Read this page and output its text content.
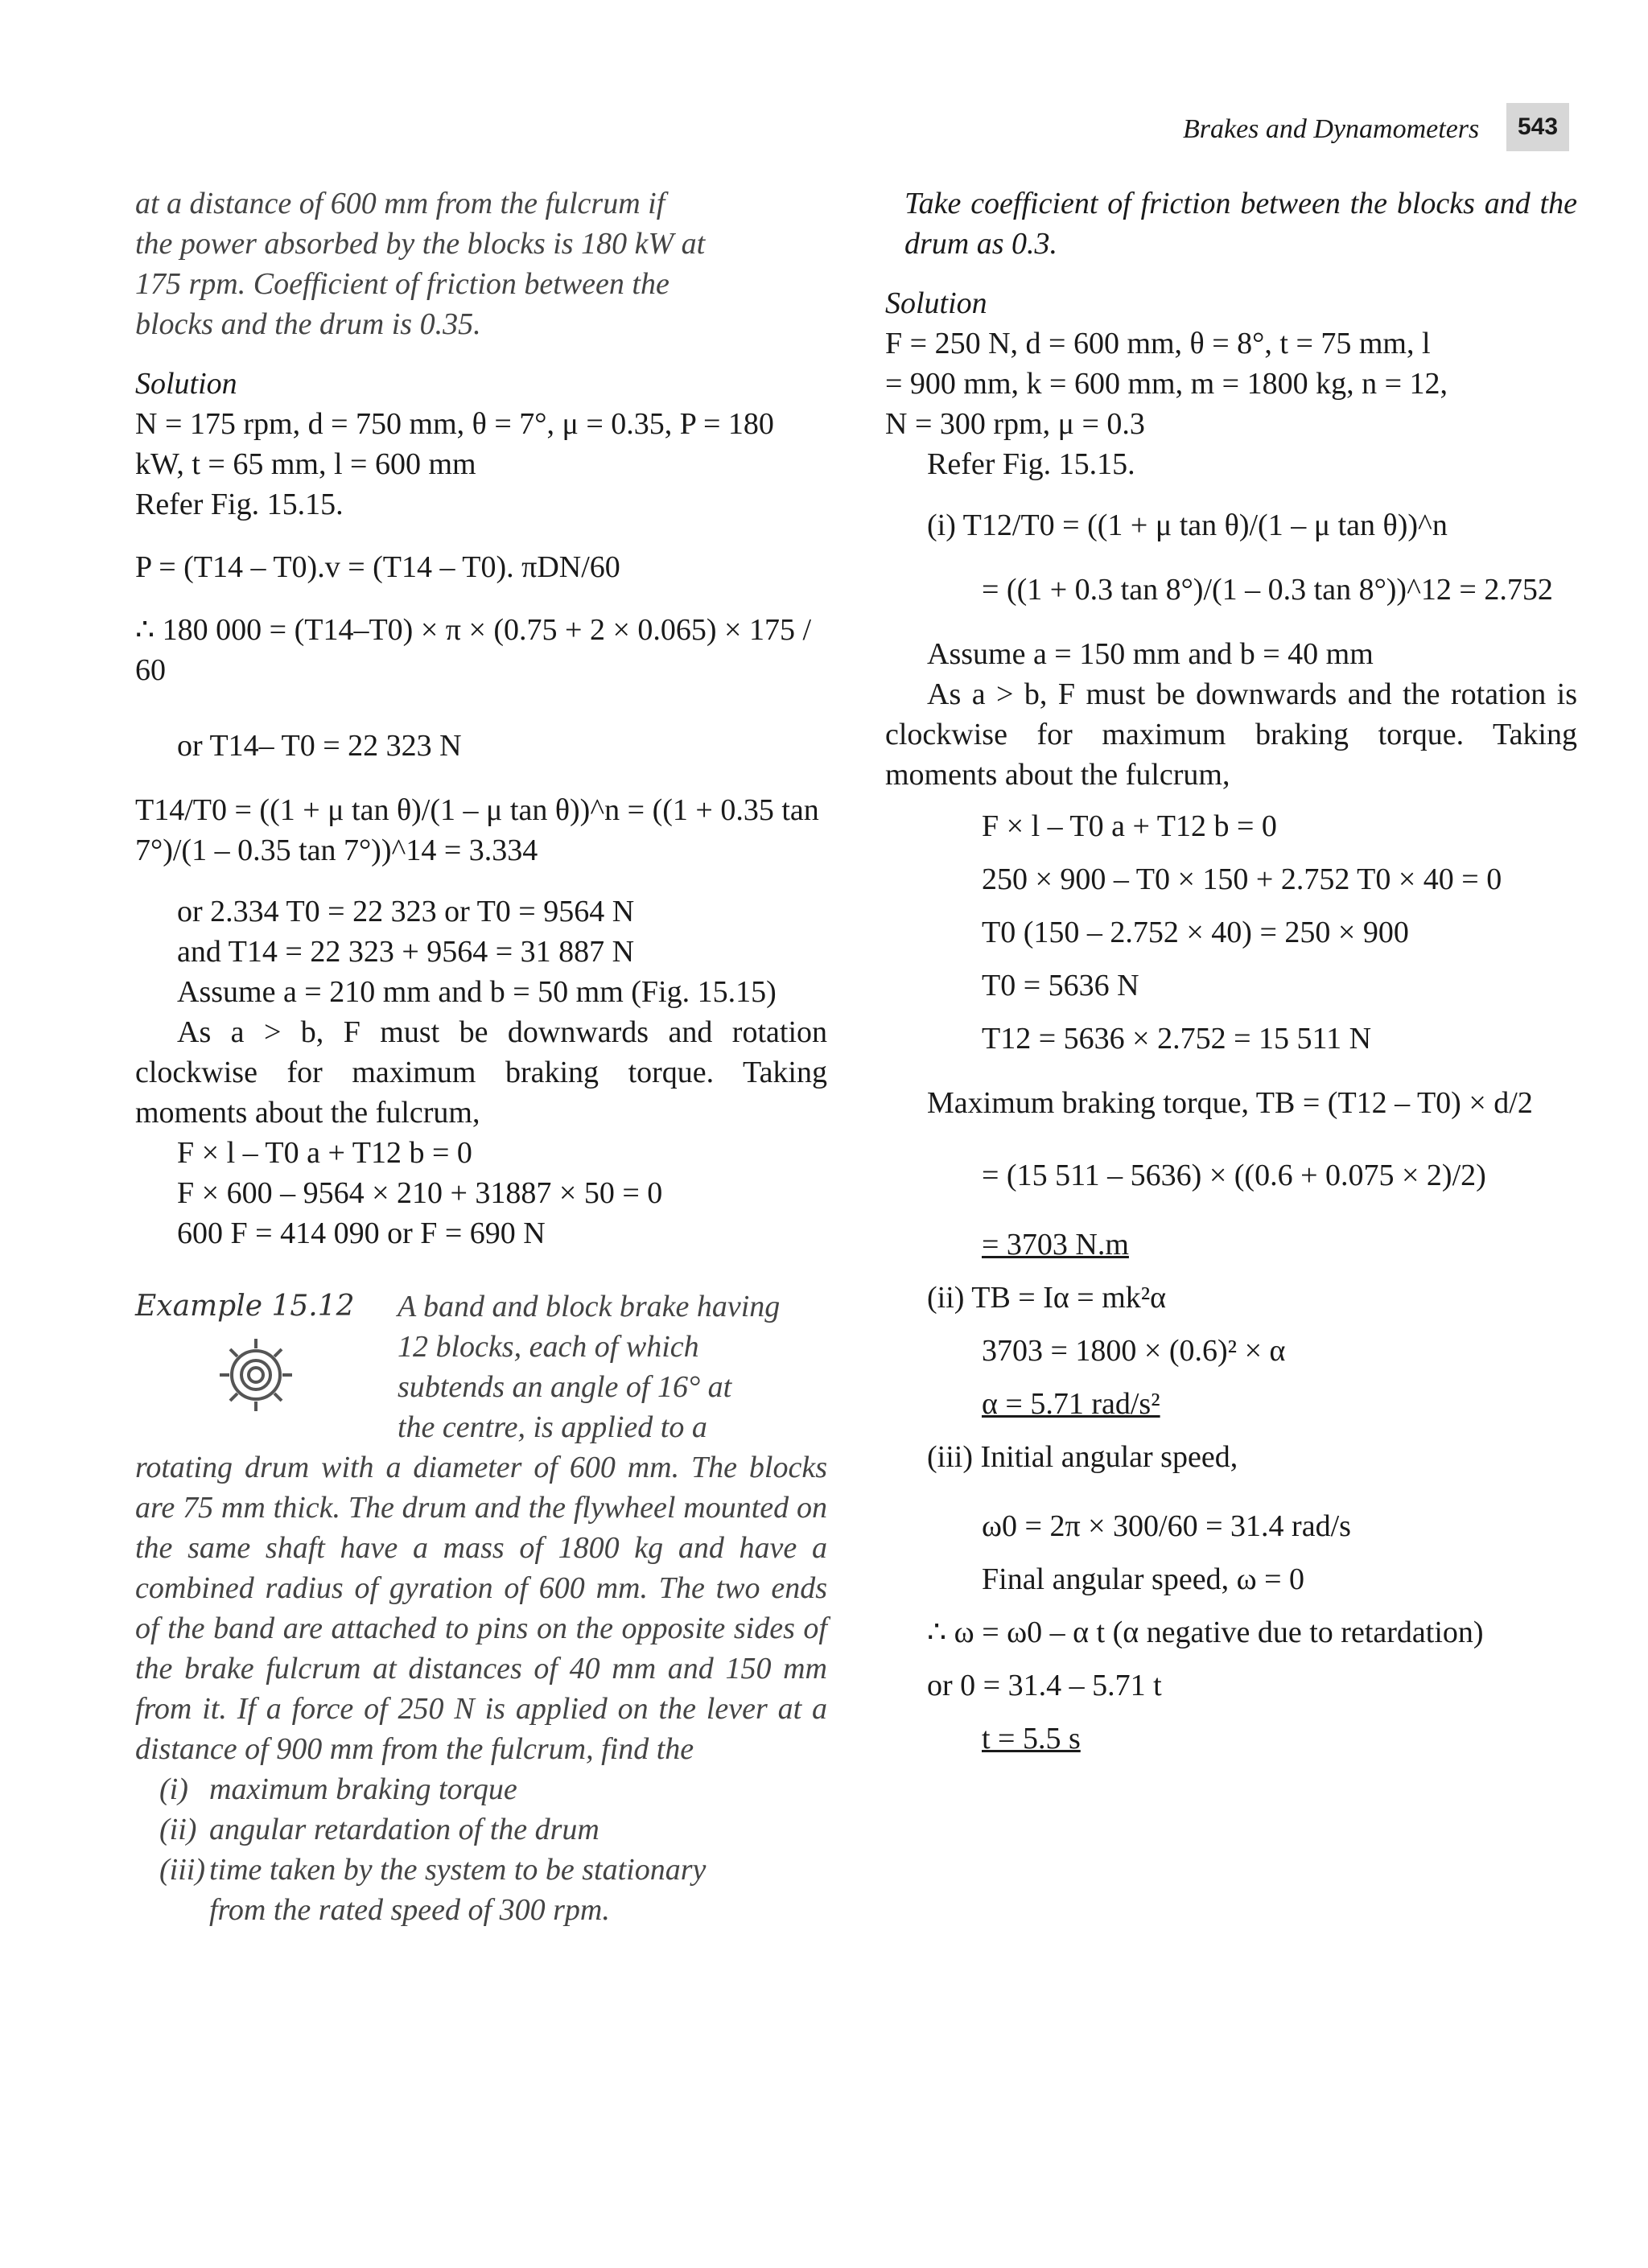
Brakes and Dynamometers	543

at a distance of 600 mm from the fulcrum if

the power absorbed by the blocks is 180 kW at

175 rpm. Coefficient of friction between the

blocks and the drum is 0.35.

Solution

N = 175 rpm, d = 750 mm, θ = 7°, μ = 0.35, P = 180

kW, t = 65 mm, l = 600 mm

Refer Fig. 15.15.

P = (T14 – T0).v = (T14 – T0). πDN/60

∴ 180 000 = (T14–T0) × π × (0.75 + 2 × 0.065) × 175 / 60

or T14– T0 = 22 323 N

T14/T0 = ((1 + μ tan θ)/(1 – μ tan θ))^n = ((1 + 0.35 tan 7°)/(1 – 0.35 tan 7°))^14 = 3.334

or 2.334 T0 = 22 323 or T0 = 9564 N

and T14 = 22 323 + 9564 = 31 887 N

Assume a = 210 mm and b = 50 mm (Fig. 15.15)

As a > b, F must be downwards and rotation clockwise for maximum braking torque. Taking moments about the fulcrum,

F × l – T0 a + T12 b = 0

F × 600 – 9564 × 210 + 31887 × 50 = 0

600 F = 414 090 or F = 690 N

Example 15.12	A band and block brake having

12 blocks, each of which

subtends an angle of 16° at

the centre, is applied to a

rotating drum with a diameter of 600 mm. The blocks are 75 mm thick. The drum and the flywheel mounted on the same shaft have a mass of 1800 kg and have a combined radius of gyration of 600 mm. The two ends of the band are attached to pins on the opposite sides of the brake fulcrum at distances of 40 mm and 150 mm from it. If a force of 250 N is applied on the lever at a distance of 900 mm from the fulcrum, find the

(i) maximum braking torque

(ii) angular retardation of the drum

(iii) time taken by the system to be stationary

from the rated speed of 300 rpm.

Take coefficient of friction between the blocks and the drum as 0.3.

Solution

F = 250 N, d = 600 mm, θ = 8°, t = 75 mm, l

= 900 mm, k = 600 mm, m = 1800 kg, n = 12,

N = 300 rpm, μ = 0.3

Refer Fig. 15.15.

(i) T12/T0 = ((1 + μ tan θ)/(1 – μ tan θ))^n

= ((1 + 0.3 tan 8°)/(1 – 0.3 tan 8°))^12 = 2.752

Assume a = 150 mm and b = 40 mm

As a > b, F must be downwards and the rotation is clockwise for maximum braking torque. Taking moments about the fulcrum,

F × l – T0 a + T12 b = 0

250 × 900 – T0 × 150 + 2.752 T0 × 40 = 0

T0 (150 – 2.752 × 40) = 250 × 900

T0 = 5636 N

T12 = 5636 × 2.752 = 15 511 N

Maximum braking torque, TB = (T12 – T0) × d/2

= (15 511 – 5636) × ((0.6 + 0.075 × 2)/2)

= 3703 N.m

(ii) TB = Iα = mk²α

3703 = 1800 × (0.6)² × α

α = 5.71 rad/s²

(iii) Initial angular speed,

ω0 = 2π × 300/60 = 31.4 rad/s

Final angular speed, ω = 0

∴ ω = ω0 – α t (α negative due to retardation)

or 0 = 31.4 – 5.71 t

t = 5.5 s
